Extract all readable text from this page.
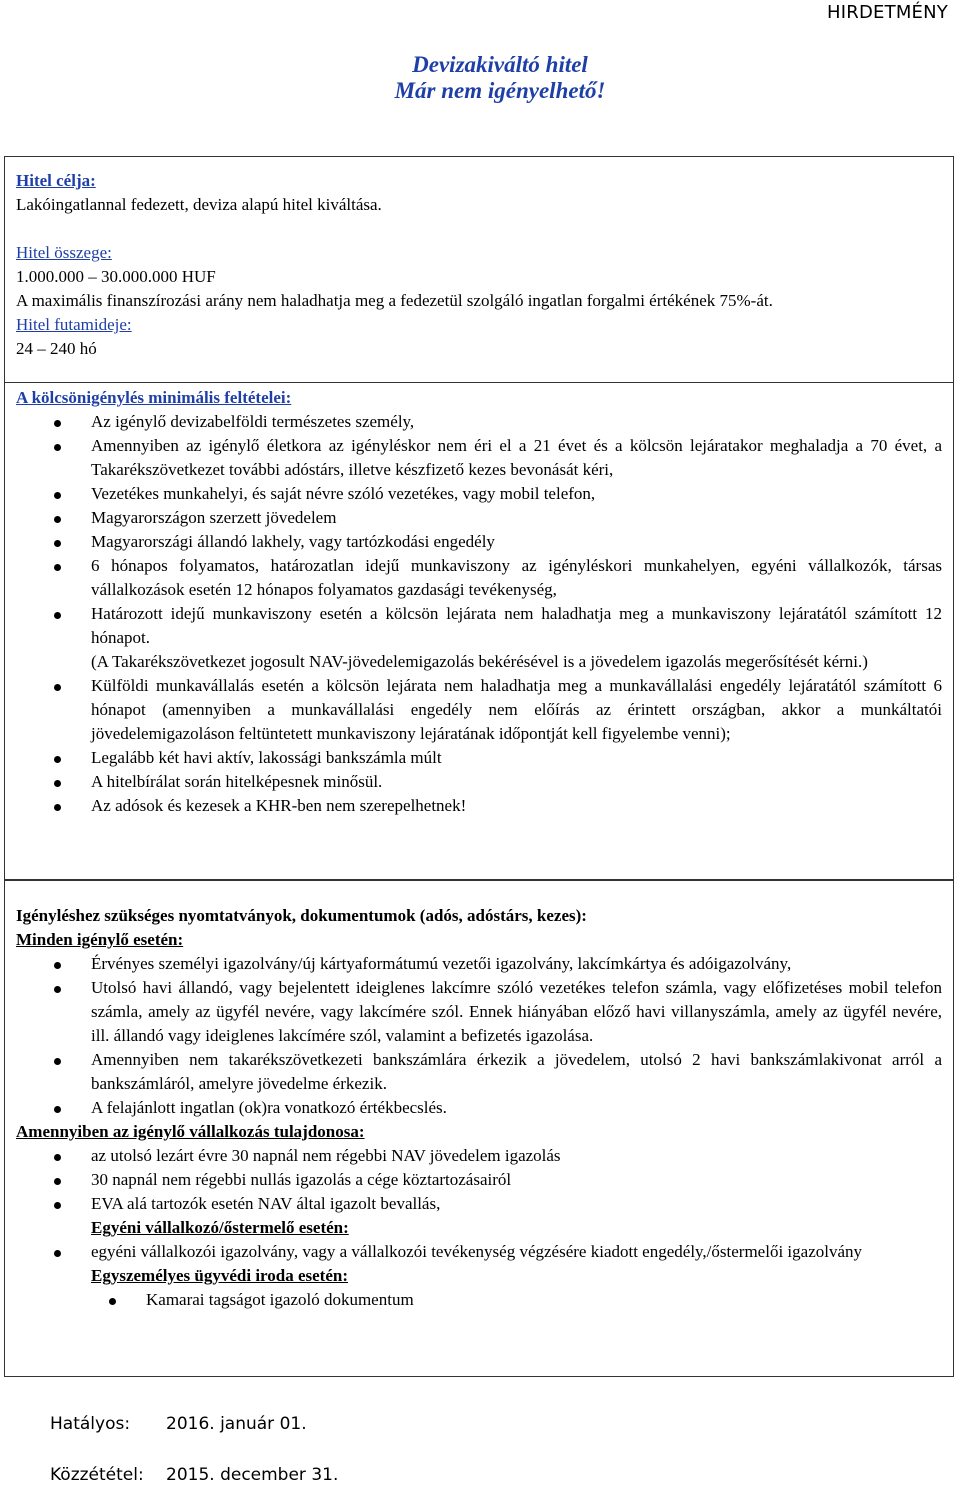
HIRDETMÉNY
Devizakiváltó hitel
Már nem igényelhető!
Hitel célja:
Lakóingatlannal fedezett, deviza alapú hitel kiváltása.
Hitel összege:
1.000.000 – 30.000.000 HUF
A maximális finanszírozási arány nem haladhatja meg a fedezetül szolgáló ingatlan forgalmi értékének 75%-át.
Hitel futamideje:
24 – 240 hó
A kölcsönigénylés minimális feltételei:
Az igénylő devizabelföldi természetes személy,
Amennyiben az igénylő életkora az igényléskor nem éri el a 21 évet és a kölcsön lejáratakor meghaladja a 70 évet, a Takarékszövetkezet további adóstárs, illetve készfizető kezes bevonását kéri,
Vezetékes munkahelyi, és saját névre szóló vezetékes, vagy mobil telefon,
Magyarországon szerzett jövedelem
Magyarországi állandó lakhely, vagy tartózkodási engedély
6 hónapos folyamatos, határozatlan idejű munkaviszony az igényléskori munkahelyen, egyéni vállalkozók, társas vállalkozások esetén 12 hónapos folyamatos gazdasági tevékenység,
Határozott idejű munkaviszony esetén a kölcsön lejárata nem haladhatja meg a munkaviszony lejáratától számított 12 hónapot.
(A Takarékszövetkezet jogosult NAV-jövedelemigazolás bekérésével is a jövedelem igazolás megerősítését kérni.)
Külföldi munkavállalás esetén a kölcsön lejárata nem haladhatja meg a munkavállalási engedély lejáratától számított 6 hónapot (amennyiben a munkavállalási engedély nem előírás az érintett országban, akkor a munkáltatói jövedelemigazoláson feltüntetett munkaviszony lejáratának időpontját kell figyelembe venni);
Legalább két havi aktív, lakossági bankszámla múlt
A hitelbírálat során hitelképesnek minősül.
Az adósok és kezesek a KHR-ben nem szerepelhetnek!
Igényléshez szükséges nyomtatványok, dokumentumok (adós, adóstárs, kezes):
Minden igénylő esetén:
Érvényes személyi igazolvány/új kártyaformátumú vezetői igazolvány, lakcímkártya és adóigazolvány,
Utolsó havi állandó, vagy bejelentett ideiglenes lakcímre szóló vezetékes telefon számla, vagy előfizetéses mobil telefon számla, amely az ügyfél nevére, vagy lakcímére szól. Ennek hiányában előző havi villanyszámla, amely az ügyfél nevére, ill. állandó vagy ideiglenes lakcímére szól, valamint a befizetés igazolása.
Amennyiben nem takarékszövetkezeti bankszámlára érkezik a jövedelem, utolsó 2 havi bankszámlakivonat arról a bankszámláról, amelyre jövedelme érkezik.
A felajánlott ingatlan (ok)ra vonatkozó értékbecslés.
Amennyiben az igénylő vállalkozás tulajdonosa:
az utolsó lezárt évre 30 napnál nem régebbi NAV jövedelem igazolás
30 napnál nem régebbi nullás igazolás a cége köztartozásairól
EVA alá tartozók esetén NAV által igazolt bevallás,
Egyéni vállalkozó/őstermelő esetén:
egyéni vállalkozói igazolvány, vagy a vállalkozói tevékenység végzésére kiadott engedély,/őstermelői igazolvány
Egyszemélyes ügyvédi iroda esetén:
Kamarai tagságot igazoló dokumentum
Hatályos: 2016. január 01.
Közzététel: 2015. december 31.
